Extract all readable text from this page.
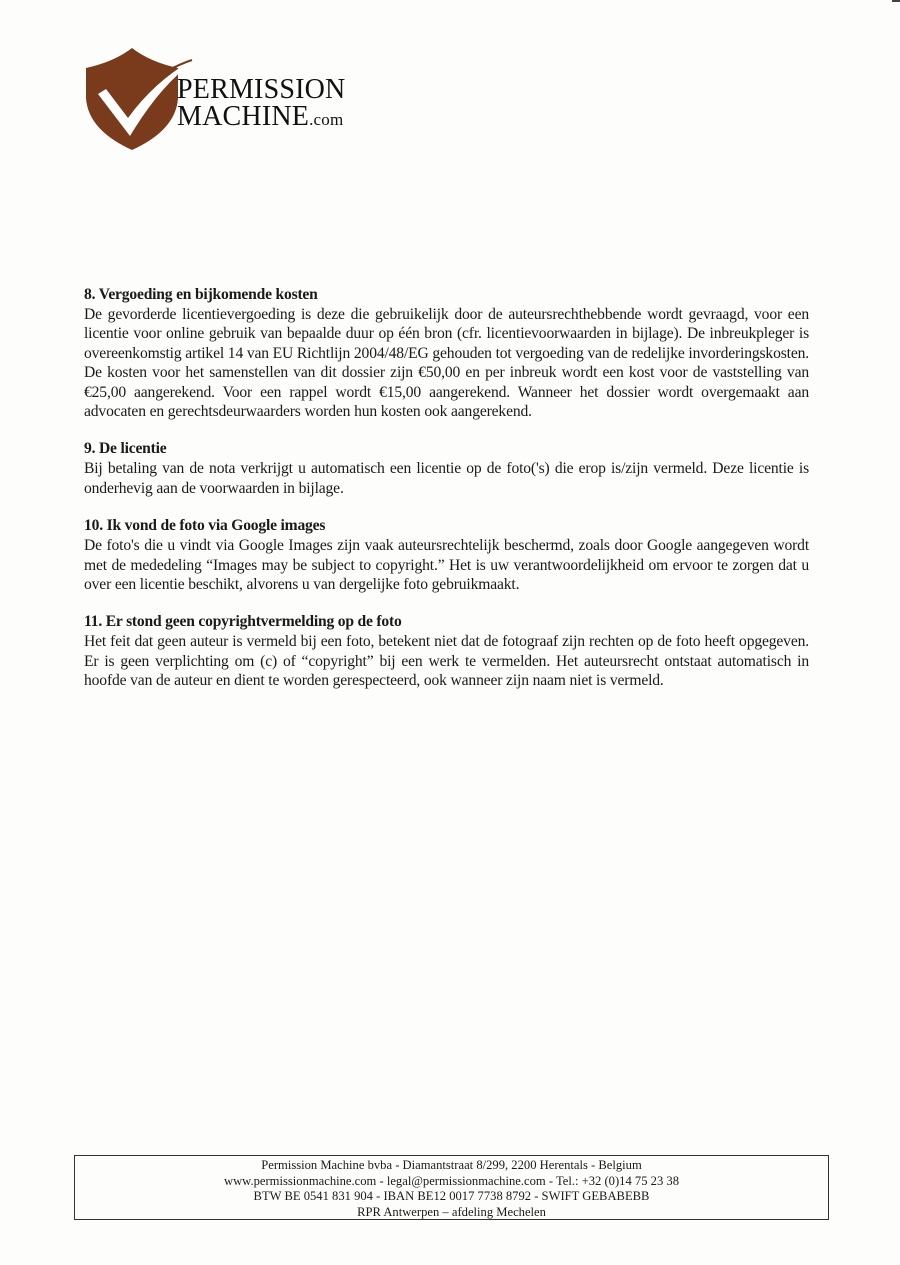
PERMISSION
MACHINE.com
8. Vergoeding en bijkomende kosten

De gevorderde licentievergoeding is deze die gebruikelijk door de auteursrechthebbende wordt gevraagd, voor een licentie voor online gebruik van bepaalde duur op één bron (cfr. licentievoorwaarden in bijlage). De inbreukpleger is overeenkomstig artikel 14 van EU Richtlijn 2004/48/EG gehouden tot vergoeding van de redelijke invorderingskosten. De kosten voor het samenstellen van dit dossier zijn €50,00 en per inbreuk wordt een kost voor de vaststelling van €25,00 aangerekend. Voor een rappel wordt €15,00 aangerekend. Wanneer het dossier wordt overgemaakt aan advocaten en gerechtsdeurwaarders worden hun kosten ook aangerekend.

9. De licentie

Bij betaling van de nota verkrijgt u automatisch een licentie op de foto('s) die erop is/zijn vermeld. Deze licentie is onderhevig aan de voorwaarden in bijlage.

10. Ik vond de foto via Google images

De foto's die u vindt via Google Images zijn vaak auteursrechtelijk beschermd, zoals door Google aangegeven wordt met de mededeling “Images may be subject to copyright.” Het is uw verantwoordelijkheid om ervoor te zorgen dat u over een licentie beschikt, alvorens u van dergelijke foto gebruikmaakt.

11. Er stond geen copyrightvermelding op de foto

Het feit dat geen auteur is vermeld bij een foto, betekent niet dat de fotograaf zijn rechten op de foto heeft opgegeven. Er is geen verplichting om (c) of “copyright” bij een werk te vermelden. Het auteursrecht ontstaat automatisch in hoofde van de auteur en dient te worden gerespecteerd, ook wanneer zijn naam niet is vermeld.

Permission Machine bvba - Diamantstraat 8/299, 2200 Herentals - Belgium
www.permissionmachine.com - legal@permissionmachine.com - Tel.: +32 (0)14 75 23 38
BTW BE 0541 831 904 - IBAN BE12 0017 7738 8792 - SWIFT GEBABEBB
RPR Antwerpen – afdeling Mechelen
